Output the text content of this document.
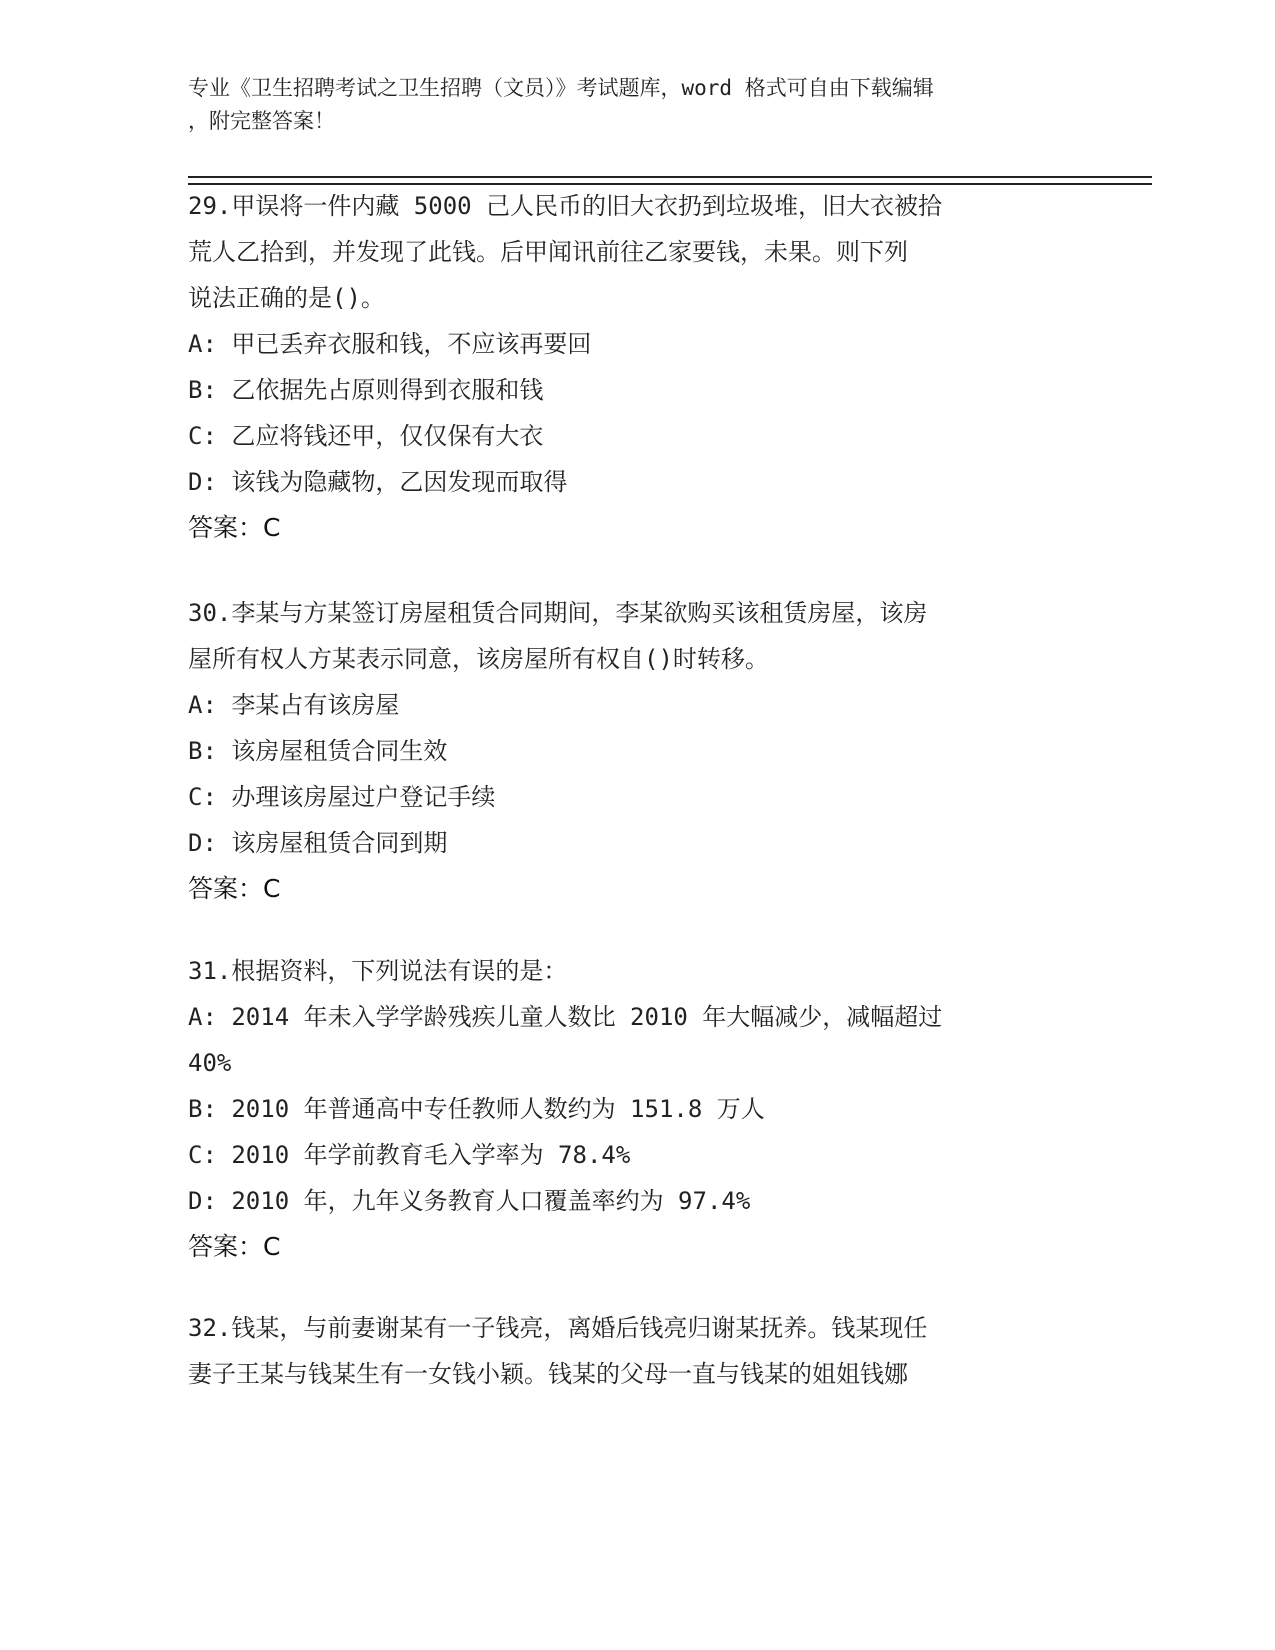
专业《卫生招聘考试之卫生招聘（文员）》考试题库，word 格式可自由下载编辑
，附完整答案！
29.甲误将一件内藏 5000 己人民币的旧大衣扔到垃圾堆，旧大衣被拾
荒人乙拾到，并发现了此钱。后甲闻讯前往乙家要钱，未果。则下列
说法正确的是()。
A: 甲已丢弃衣服和钱，不应该再要回
B: 乙依据先占原则得到衣服和钱
C: 乙应将钱还甲，仅仅保有大衣
D: 该钱为隐藏物，乙因发现而取得
答案：C
30.李某与方某签订房屋租赁合同期间，李某欲购买该租赁房屋，该房
屋所有权人方某表示同意，该房屋所有权自()时转移。
A: 李某占有该房屋
B: 该房屋租赁合同生效
C: 办理该房屋过户登记手续
D: 该房屋租赁合同到期
答案：C
31.根据资料，下列说法有误的是：
A: 2014 年未入学学龄残疾儿童人数比 2010 年大幅减少，减幅超过
40%
B: 2010 年普通高中专任教师人数约为 151.8 万人
C: 2010 年学前教育毛入学率为 78.4%
D: 2010 年，九年义务教育人口覆盖率约为 97.4%
答案：C
32.钱某，与前妻谢某有一子钱亮，离婚后钱亮归谢某抚养。钱某现任
妻子王某与钱某生有一女钱小颖。钱某的父母一直与钱某的姐姐钱娜
